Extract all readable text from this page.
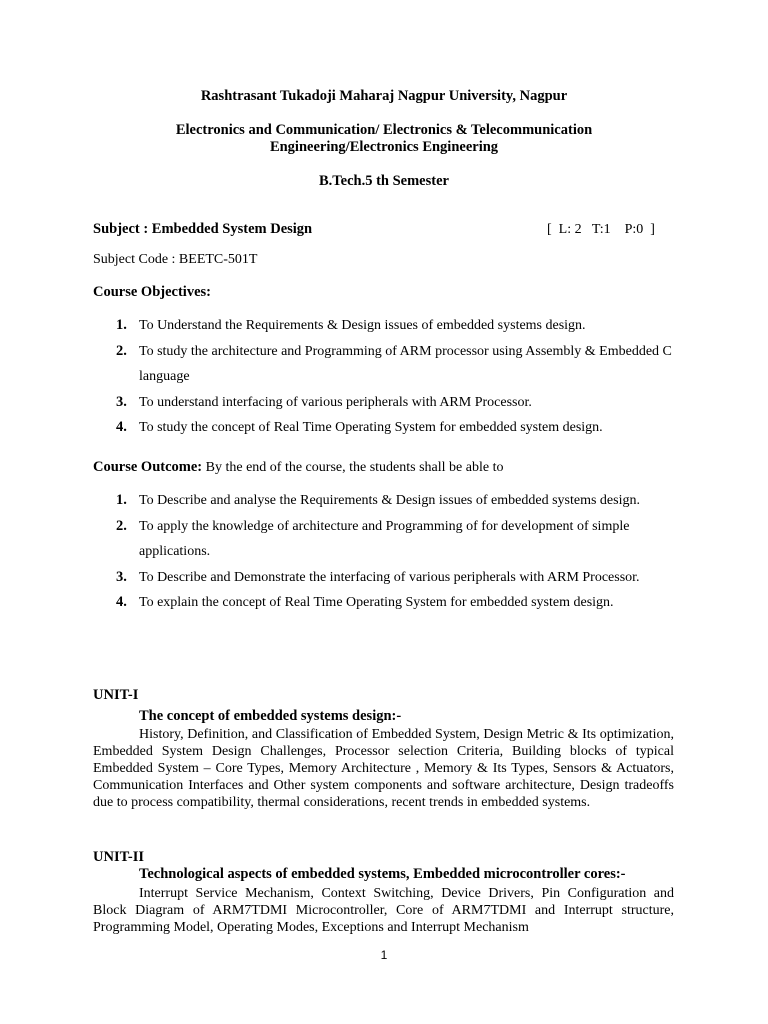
Rashtrasant Tukadoji Maharaj Nagpur University, Nagpur

Electronics and Communication/ Electronics & Telecommunication

Engineering/Electronics Engineering

B.Tech.5 th Semester

Subject : Embedded System Design	[  L: 2   T:1    P:0  ]
Subject Code : BEETC-501T
Course Objectives:
1. To Understand the Requirements & Design issues of embedded systems design.
2. To study the architecture and Programming of ARM processor using Assembly & Embedded C language
3. To understand interfacing of various peripherals with ARM Processor.
4. To study the concept of Real Time Operating System for embedded system design.
Course Outcome: By the end of the course, the students shall be able to
1. To Describe and analyse the Requirements & Design issues of embedded systems design.
2. To apply the knowledge of architecture and Programming of for development of simple applications.
3. To Describe and Demonstrate the interfacing of various peripherals with ARM Processor.
4. To explain the concept of Real Time Operating System for embedded system design.
UNIT-I
The concept of embedded systems design:-

History, Definition, and Classification of Embedded System, Design Metric & Its optimization, Embedded System Design Challenges, Processor selection Criteria, Building blocks of typical Embedded System – Core Types, Memory Architecture , Memory & Its Types, Sensors & Actuators, Communication Interfaces and Other system components and software architecture, Design tradeoffs due to process compatibility, thermal considerations, recent trends in embedded systems.

UNIT-II
Technological aspects of embedded systems, Embedded microcontroller cores:-

Interrupt Service Mechanism, Context Switching, Device Drivers, Pin Configuration and Block Diagram of ARM7TDMI Microcontroller, Core of ARM7TDMI and Interrupt structure, Programming Model, Operating Modes, Exceptions and Interrupt Mechanism

1
